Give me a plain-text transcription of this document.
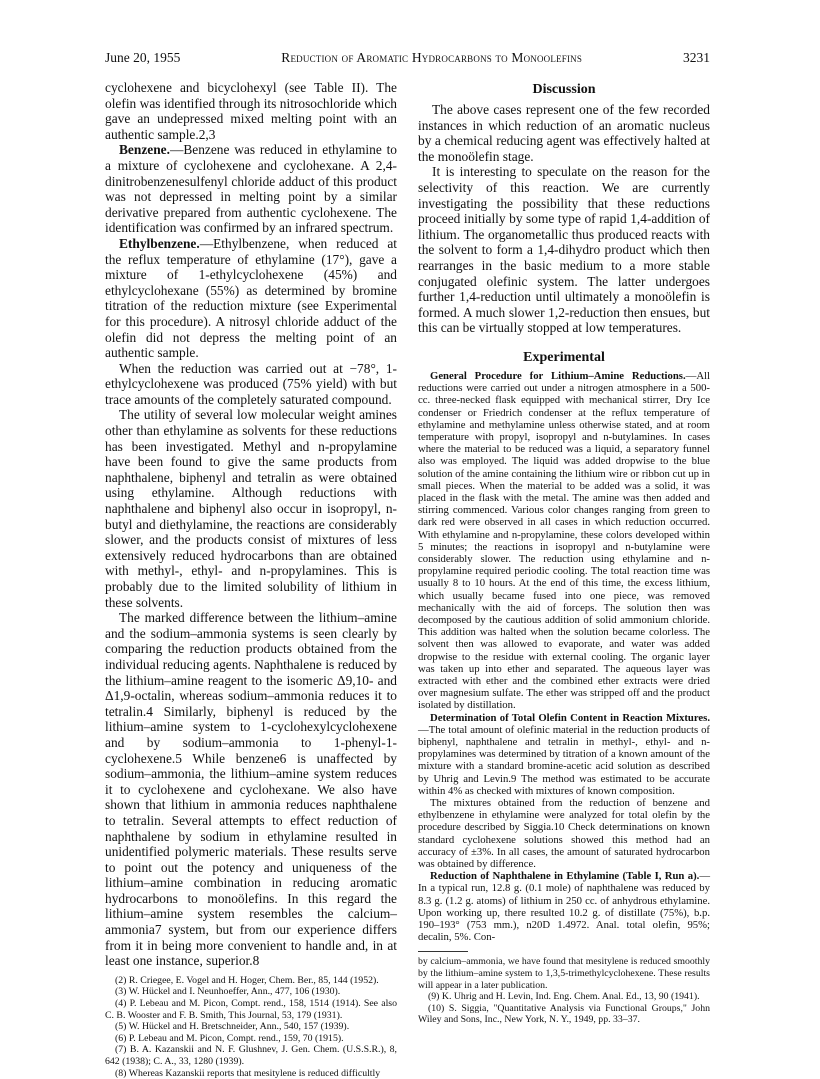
June 20, 1955	Reduction of Aromatic Hydrocarbons to Monoolefins	3231

cyclohexene and bicyclohexyl (see Table II). The olefin was identified through its nitrosochloride which gave an undepressed mixed melting point with an authentic sample.2,3

Benzene.—Benzene was reduced in ethylamine to a mixture of cyclohexene and cyclohexane. A 2,4-dinitrobenzenesulfenyl chloride adduct of this product was not depressed in melting point by a similar derivative prepared from authentic cyclohexene. The identification was confirmed by an infrared spectrum.

Ethylbenzene.—Ethylbenzene, when reduced at the reflux temperature of ethylamine (17°), gave a mixture of 1-ethylcyclohexene (45%) and ethylcyclohexane (55%) as determined by bromine titration of the reduction mixture (see Experimental for this procedure). A nitrosyl chloride adduct of the olefin did not depress the melting point of an authentic sample.

When the reduction was carried out at −78°, 1-ethylcyclohexene was produced (75% yield) with but trace amounts of the completely saturated compound.

The utility of several low molecular weight amines other than ethylamine as solvents for these reductions has been investigated. Methyl and n-propylamine have been found to give the same products from naphthalene, biphenyl and tetralin as were obtained using ethylamine. Although reductions with naphthalene and biphenyl also occur in isopropyl, n-butyl and diethylamine, the reactions are considerably slower, and the products consist of mixtures of less extensively reduced hydrocarbons than are obtained with methyl-, ethyl- and n-propylamines. This is probably due to the limited solubility of lithium in these solvents.

The marked difference between the lithium–amine and the sodium–ammonia systems is seen clearly by comparing the reduction products obtained from the individual reducing agents. Naphthalene is reduced by the lithium–amine reagent to the isomeric Δ9,10- and Δ1,9-octalin, whereas sodium–ammonia reduces it to tetralin.4 Similarly, biphenyl is reduced by the lithium–amine system to 1-cyclohexylcyclohexene and by sodium–ammonia to 1-phenyl-1-cyclohexene.5 While benzene6 is unaffected by sodium–ammonia, the lithium–amine system reduces it to cyclohexene and cyclohexane. We also have shown that lithium in ammonia reduces naphthalene to tetralin. Several attempts to effect reduction of naphthalene by sodium in ethylamine resulted in unidentified polymeric materials. These results serve to point out the potency and uniqueness of the lithium–amine combination in reducing aromatic hydrocarbons to monoölefins. In this regard the lithium–amine system resembles the calcium–ammonia7 system, but from our experience differs from it in being more convenient to handle and, in at least one instance, superior.8

(2) R. Criegee, E. Vogel and H. Hoger, Chem. Ber., 85, 144 (1952).

(3) W. Hückel and I. Neunhoeffer, Ann., 477, 106 (1930).

(4) P. Lebeau and M. Picon, Compt. rend., 158, 1514 (1914). See also C. B. Wooster and F. B. Smith, This Journal, 53, 179 (1931).

(5) W. Hückel and H. Bretschneider, Ann., 540, 157 (1939).

(6) P. Lebeau and M. Picon, Compt. rend., 159, 70 (1915).

(7) B. A. Kazanskii and N. F. Glushnev, J. Gen. Chem. (U.S.S.R.), 8, 642 (1938); C. A., 33, 1280 (1939).

(8) Whereas Kazanskii reports that mesitylene is reduced difficultly

Discussion

The above cases represent one of the few recorded instances in which reduction of an aromatic nucleus by a chemical reducing agent was effectively halted at the monoölefin stage.

It is interesting to speculate on the reason for the selectivity of this reaction. We are currently investigating the possibility that these reductions proceed initially by some type of rapid 1,4-addition of lithium. The organometallic thus produced reacts with the solvent to form a 1,4-dihydro product which then rearranges in the basic medium to a more stable conjugated olefinic system. The latter undergoes further 1,4-reduction until ultimately a monoölefin is formed. A much slower 1,2-reduction then ensues, but this can be virtually stopped at low temperatures.

Experimental

General Procedure for Lithium–Amine Reductions.—All reductions were carried out under a nitrogen atmosphere in a 500-cc. three-necked flask equipped with mechanical stirrer, Dry Ice condenser or Friedrich condenser at the reflux temperature of ethylamine and methylamine unless otherwise stated, and at room temperature with propyl, isopropyl and n-butylamines. In cases where the material to be reduced was a liquid, a separatory funnel also was employed. The liquid was added dropwise to the blue solution of the amine containing the lithium wire or ribbon cut up in small pieces. When the material to be added was a solid, it was placed in the flask with the metal. The amine was then added and stirring commenced. Various color changes ranging from green to dark red were observed in all cases in which reduction occurred. With ethylamine and n-propylamine, these colors developed within 5 minutes; the reactions in isopropyl and n-butylamine were considerably slower. The reduction using ethylamine and n-propylamine required periodic cooling. The total reaction time was usually 8 to 10 hours. At the end of this time, the excess lithium, which usually became fused into one piece, was removed mechanically with the aid of forceps. The solution then was decomposed by the cautious addition of solid ammonium chloride. This addition was halted when the solution became colorless. The solvent then was allowed to evaporate, and water was added dropwise to the residue with external cooling. The organic layer was taken up into ether and separated. The aqueous layer was extracted with ether and the combined ether extracts were dried over magnesium sulfate. The ether was stripped off and the product isolated by distillation.

Determination of Total Olefin Content in Reaction Mixtures.—The total amount of olefinic material in the reduction products of biphenyl, naphthalene and tetralin in methyl-, ethyl- and n-propylamines was determined by titration of a known amount of the mixture with a standard bromine-acetic acid solution as described by Uhrig and Levin.9 The method was estimated to be accurate within 4% as checked with mixtures of known composition.

The mixtures obtained from the reduction of benzene and ethylbenzene in ethylamine were analyzed for total olefin by the procedure described by Siggia.10 Check determinations on known standard cyclohexene solutions showed this method had an accuracy of ±3%. In all cases, the amount of saturated hydrocarbon was obtained by difference.

Reduction of Naphthalene in Ethylamine (Table I, Run a).—In a typical run, 12.8 g. (0.1 mole) of naphthalene was reduced by 8.3 g. (1.2 g. atoms) of lithium in 250 cc. of anhydrous ethylamine. Upon working up, there resulted 10.2 g. of distillate (75%), b.p. 190–193° (753 mm.), n20D 1.4972. Anal. total olefin, 95%; decalin, 5%. Con-

by calcium–ammonia, we have found that mesitylene is reduced smoothly by the lithium–amine system to 1,3,5-trimethylcyclohexene. These results will appear in a later publication.

(9) K. Uhrig and H. Levin, Ind. Eng. Chem. Anal. Ed., 13, 90 (1941).

(10) S. Siggia, "Quantitative Analysis via Functional Groups," John Wiley and Sons, Inc., New York, N. Y., 1949, pp. 33–37.
